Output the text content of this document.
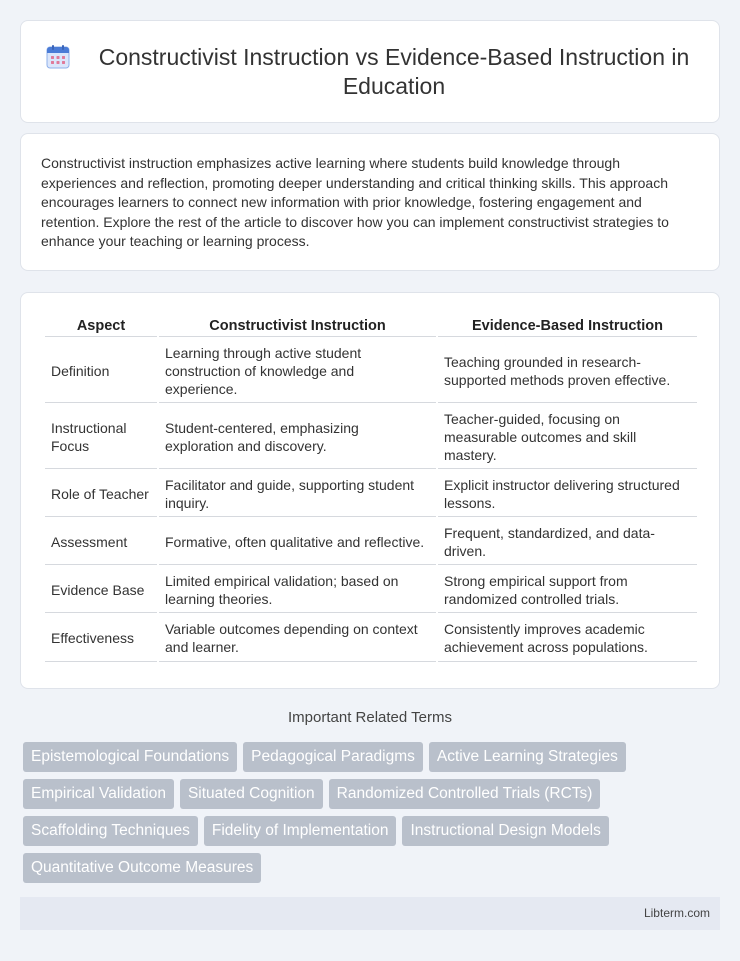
Constructivist Instruction vs Evidence-Based Instruction in Education

Constructivist instruction emphasizes active learning where students build knowledge through experiences and reflection, promoting deeper understanding and critical thinking skills. This approach encourages learners to connect new information with prior knowledge, fostering engagement and retention. Explore the rest of the article to discover how you can implement constructivist strategies to enhance your teaching or learning process.

Aspect	Constructivist Instruction	Evidence-Based Instruction
Definition	Learning through active student construction of knowledge and experience.	Teaching grounded in research-supported methods proven effective.
Instructional Focus	Student-centered, emphasizing exploration and discovery.	Teacher-guided, focusing on measurable outcomes and skill mastery.
Role of Teacher	Facilitator and guide, supporting student inquiry.	Explicit instructor delivering structured lessons.
Assessment	Formative, often qualitative and reflective.	Frequent, standardized, and data-driven.
Evidence Base	Limited empirical validation; based on learning theories.	Strong empirical support from randomized controlled trials.
Effectiveness	Variable outcomes depending on context and learner.	Consistently improves academic achievement across populations.
Important Related Terms
Epistemological Foundations	Pedagogical Paradigms	Active Learning Strategies
Empirical Validation	Situated Cognition	Randomized Controlled Trials (RCTs)
Scaffolding Techniques	Fidelity of Implementation	Instructional Design Models
Quantitative Outcome Measures
Libterm.com
